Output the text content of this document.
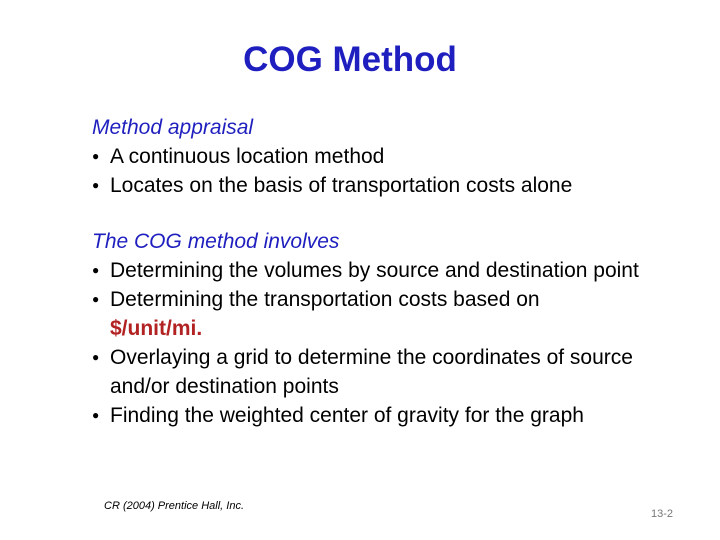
COG Method
Method appraisal
● A continuous location method
● Locates on the basis of transportation costs alone
The COG method involves
● Determining the volumes by source and destination point
● Determining the transportation costs based on
$/unit/mi.
● Overlaying a grid to determine the coordinates of source and/or destination points
● Finding the weighted center of gravity for the graph
CR (2004) Prentice Hall, Inc.
13-2
